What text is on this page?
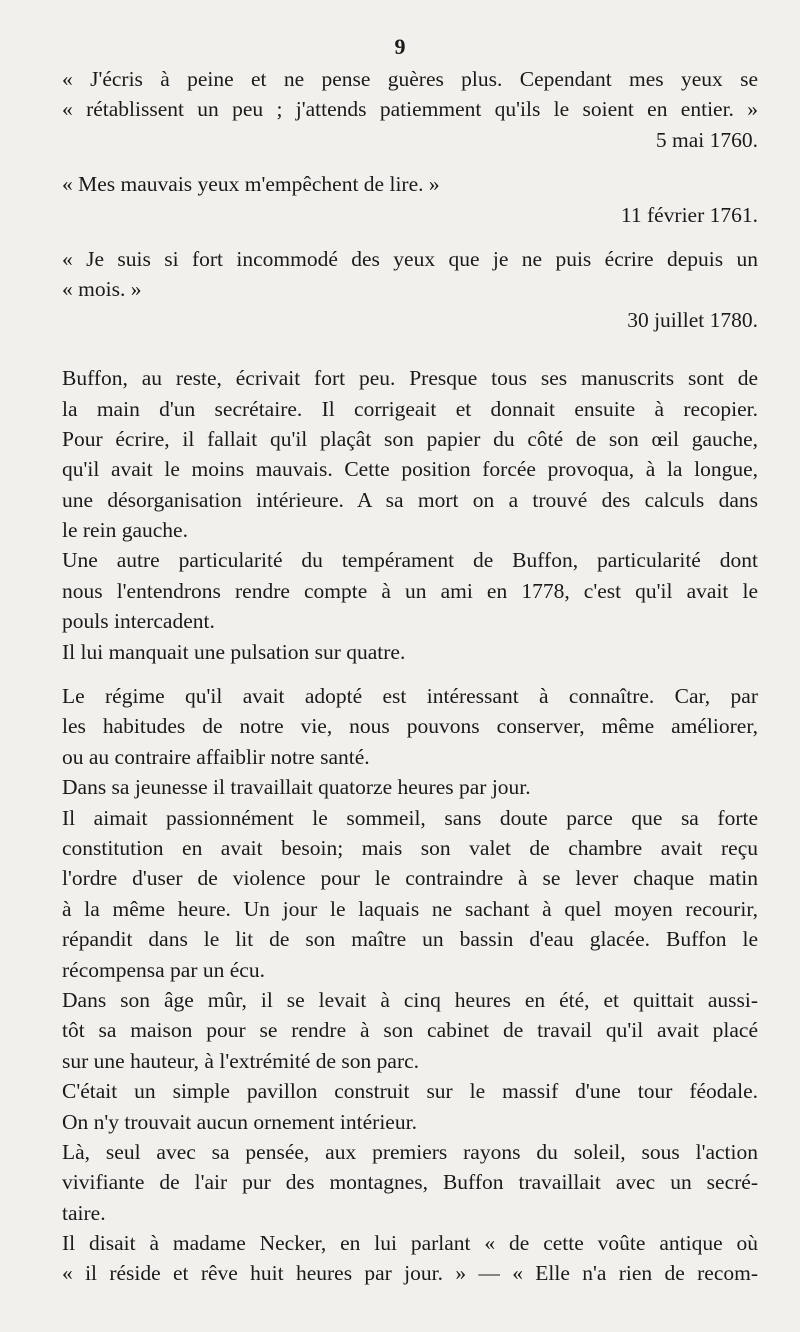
9
« J'écris à peine et ne pense guères plus. Cependant mes yeux se
« rétablissent un peu ; j'attends patiemment qu'ils le soient en entier. »
5 mai 1760.
« Mes mauvais yeux m'empêchent de lire. »
11 février 1761.
« Je suis si fort incommodé des yeux que je ne puis écrire depuis un
« mois. »
30 juillet 1780.
Buffon, au reste, écrivait fort peu. Presque tous ses manuscrits sont de
la main d'un secrétaire. Il corrigeait et donnait ensuite à recopier.
Pour écrire, il fallait qu'il plaçât son papier du côté de son œil gauche,
qu'il avait le moins mauvais. Cette position forcée provoqua, à la longue,
une désorganisation intérieure. A sa mort on a trouvé des calculs dans
le rein gauche.
Une autre particularité du tempérament de Buffon, particularité dont
nous l'entendrons rendre compte à un ami en 1778, c'est qu'il avait le
pouls intercadent.
Il lui manquait une pulsation sur quatre.
Le régime qu'il avait adopté est intéressant à connaître. Car, par
les habitudes de notre vie, nous pouvons conserver, même améliorer,
ou au contraire affaiblir notre santé.
Dans sa jeunesse il travaillait quatorze heures par jour.
Il aimait passionnément le sommeil, sans doute parce que sa forte
constitution en avait besoin; mais son valet de chambre avait reçu
l'ordre d'user de violence pour le contraindre à se lever chaque matin
à la même heure. Un jour le laquais ne sachant à quel moyen recourir,
répandit dans le lit de son maître un bassin d'eau glacée. Buffon le
récompensa par un écu.
Dans son âge mûr, il se levait à cinq heures en été, et quittait aussi-
tôt sa maison pour se rendre à son cabinet de travail qu'il avait placé
sur une hauteur, à l'extrémité de son parc.
C'était un simple pavillon construit sur le massif d'une tour féodale.
On n'y trouvait aucun ornement intérieur.
Là, seul avec sa pensée, aux premiers rayons du soleil, sous l'action
vivifiante de l'air pur des montagnes, Buffon travaillait avec un secré-
taire.
Il disait à madame Necker, en lui parlant « de cette voûte antique où
« il réside et rêve huit heures par jour. » — « Elle n'a rien de recom-
